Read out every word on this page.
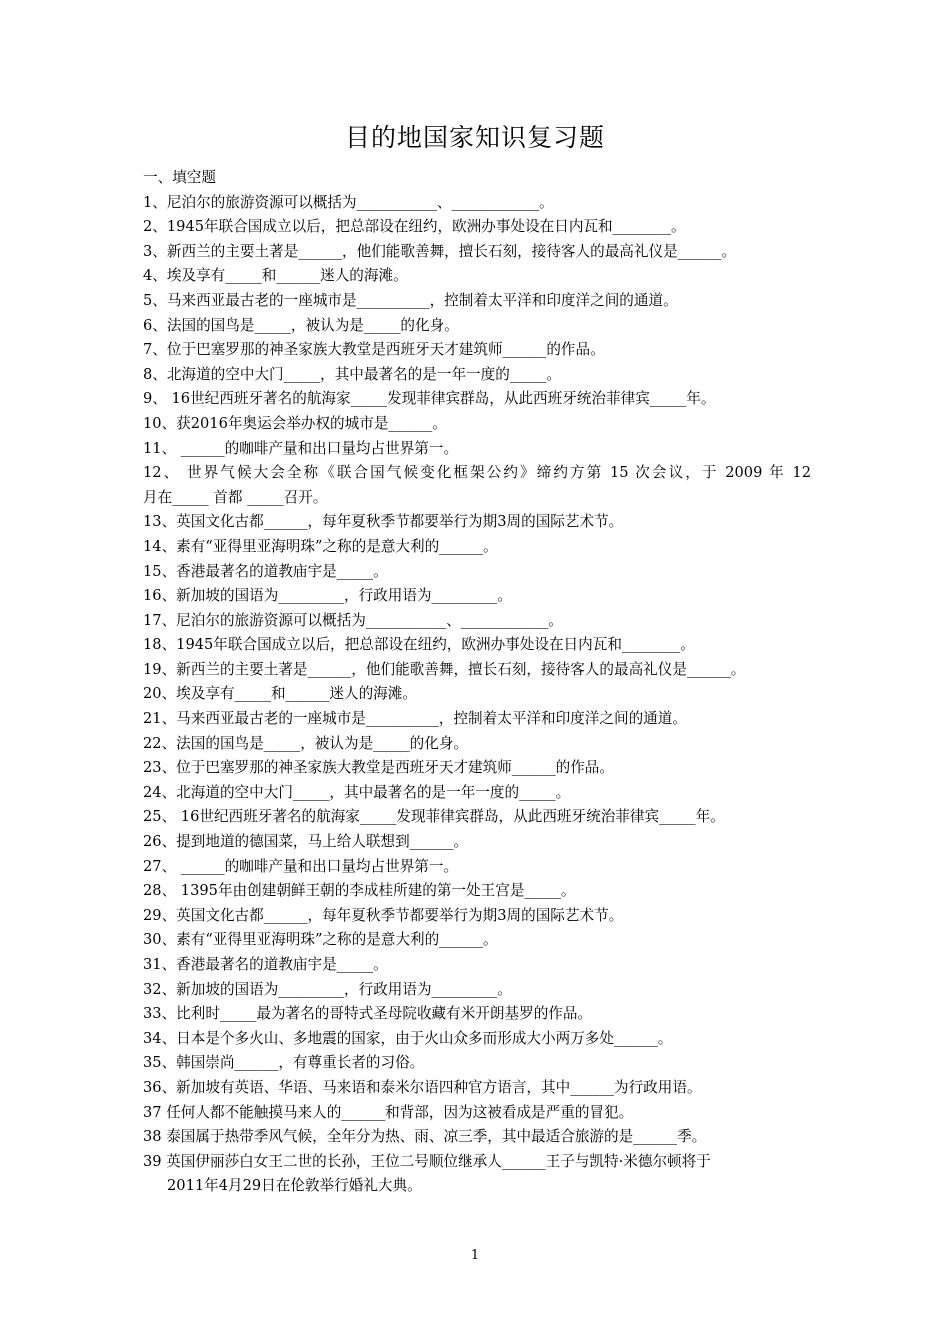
目的地国家知识复习题
一、填空题
1、尼泊尔的旅游资源可以概括为___________、____________。
2、1945年联合国成立以后，把总部设在纽约，欧洲办事处设在日内瓦和________。
3、新西兰的主要土著是______，他们能歌善舞，擅长石刻，接待客人的最高礼仪是______。
4、埃及享有_____和______迷人的海滩。
5、马来西亚最古老的一座城市是__________，控制着太平洋和印度洋之间的通道。
6、法国的国鸟是_____，被认为是_____的化身。
7、位于巴塞罗那的神圣家族大教堂是西班牙天才建筑师______的作品。
8、北海道的空中大门_____，其中最著名的是一年一度的_____。
9、 16世纪西班牙著名的航海家_____发现菲律宾群岛，从此西班牙统治菲律宾_____年。
10、获2016年奥运会举办权的城市是______。
11、 ______的咖啡产量和出口量均占世界第一。
12、 世界气候大会全称《联合国气候变化框架公约》缔约方第 15 次会议，于 2009 年 12
月在_____ 首都 _____召开。
13、英国文化古都______，每年夏秋季节都要举行为期3周的国际艺术节。
14、素有“亚得里亚海明珠”之称的是意大利的______。
15、香港最著名的道教庙宇是_____。
16、新加坡的国语为_________，行政用语为_________。
17、尼泊尔的旅游资源可以概括为___________、____________。
18、1945年联合国成立以后，把总部设在纽约，欧洲办事处设在日内瓦和________。
19、新西兰的主要土著是______，他们能歌善舞，擅长石刻，接待客人的最高礼仪是______。
20、埃及享有_____和______迷人的海滩。
21、马来西亚最古老的一座城市是__________，控制着太平洋和印度洋之间的通道。
22、法国的国鸟是_____，被认为是_____的化身。
23、位于巴塞罗那的神圣家族大教堂是西班牙天才建筑师______的作品。
24、北海道的空中大门_____，其中最著名的是一年一度的_____。
25、 16世纪西班牙著名的航海家_____发现菲律宾群岛，从此西班牙统治菲律宾_____年。
26、提到地道的德国菜，马上给人联想到______。
27、 ______的咖啡产量和出口量均占世界第一。
28、 1395年由创建朝鲜王朝的李成桂所建的第一处王宫是_____。
29、英国文化古都______，每年夏秋季节都要举行为期3周的国际艺术节。
30、素有“亚得里亚海明珠”之称的是意大利的______。
31、香港最著名的道教庙宇是_____。
32、新加坡的国语为_________，行政用语为_________。
33、比利时_____最为著名的哥特式圣母院收藏有米开朗基罗的作品。
34、日本是个多火山、多地震的国家，由于火山众多而形成大小两万多处______。
35、韩国崇尚______，有尊重长者的习俗。
36、新加坡有英语、华语、马来语和泰米尔语四种官方语言，其中______为行政用语。
37 任何人都不能触摸马来人的______和背部，因为这被看成是严重的冒犯。
38 泰国属于热带季风气候，全年分为热、雨、凉三季，其中最适合旅游的是______季。
39 英国伊丽莎白女王二世的长孙，王位二号顺位继承人______王子与凯特·米德尔顿将于
2011年4月29日在伦敦举行婚礼大典。
1
